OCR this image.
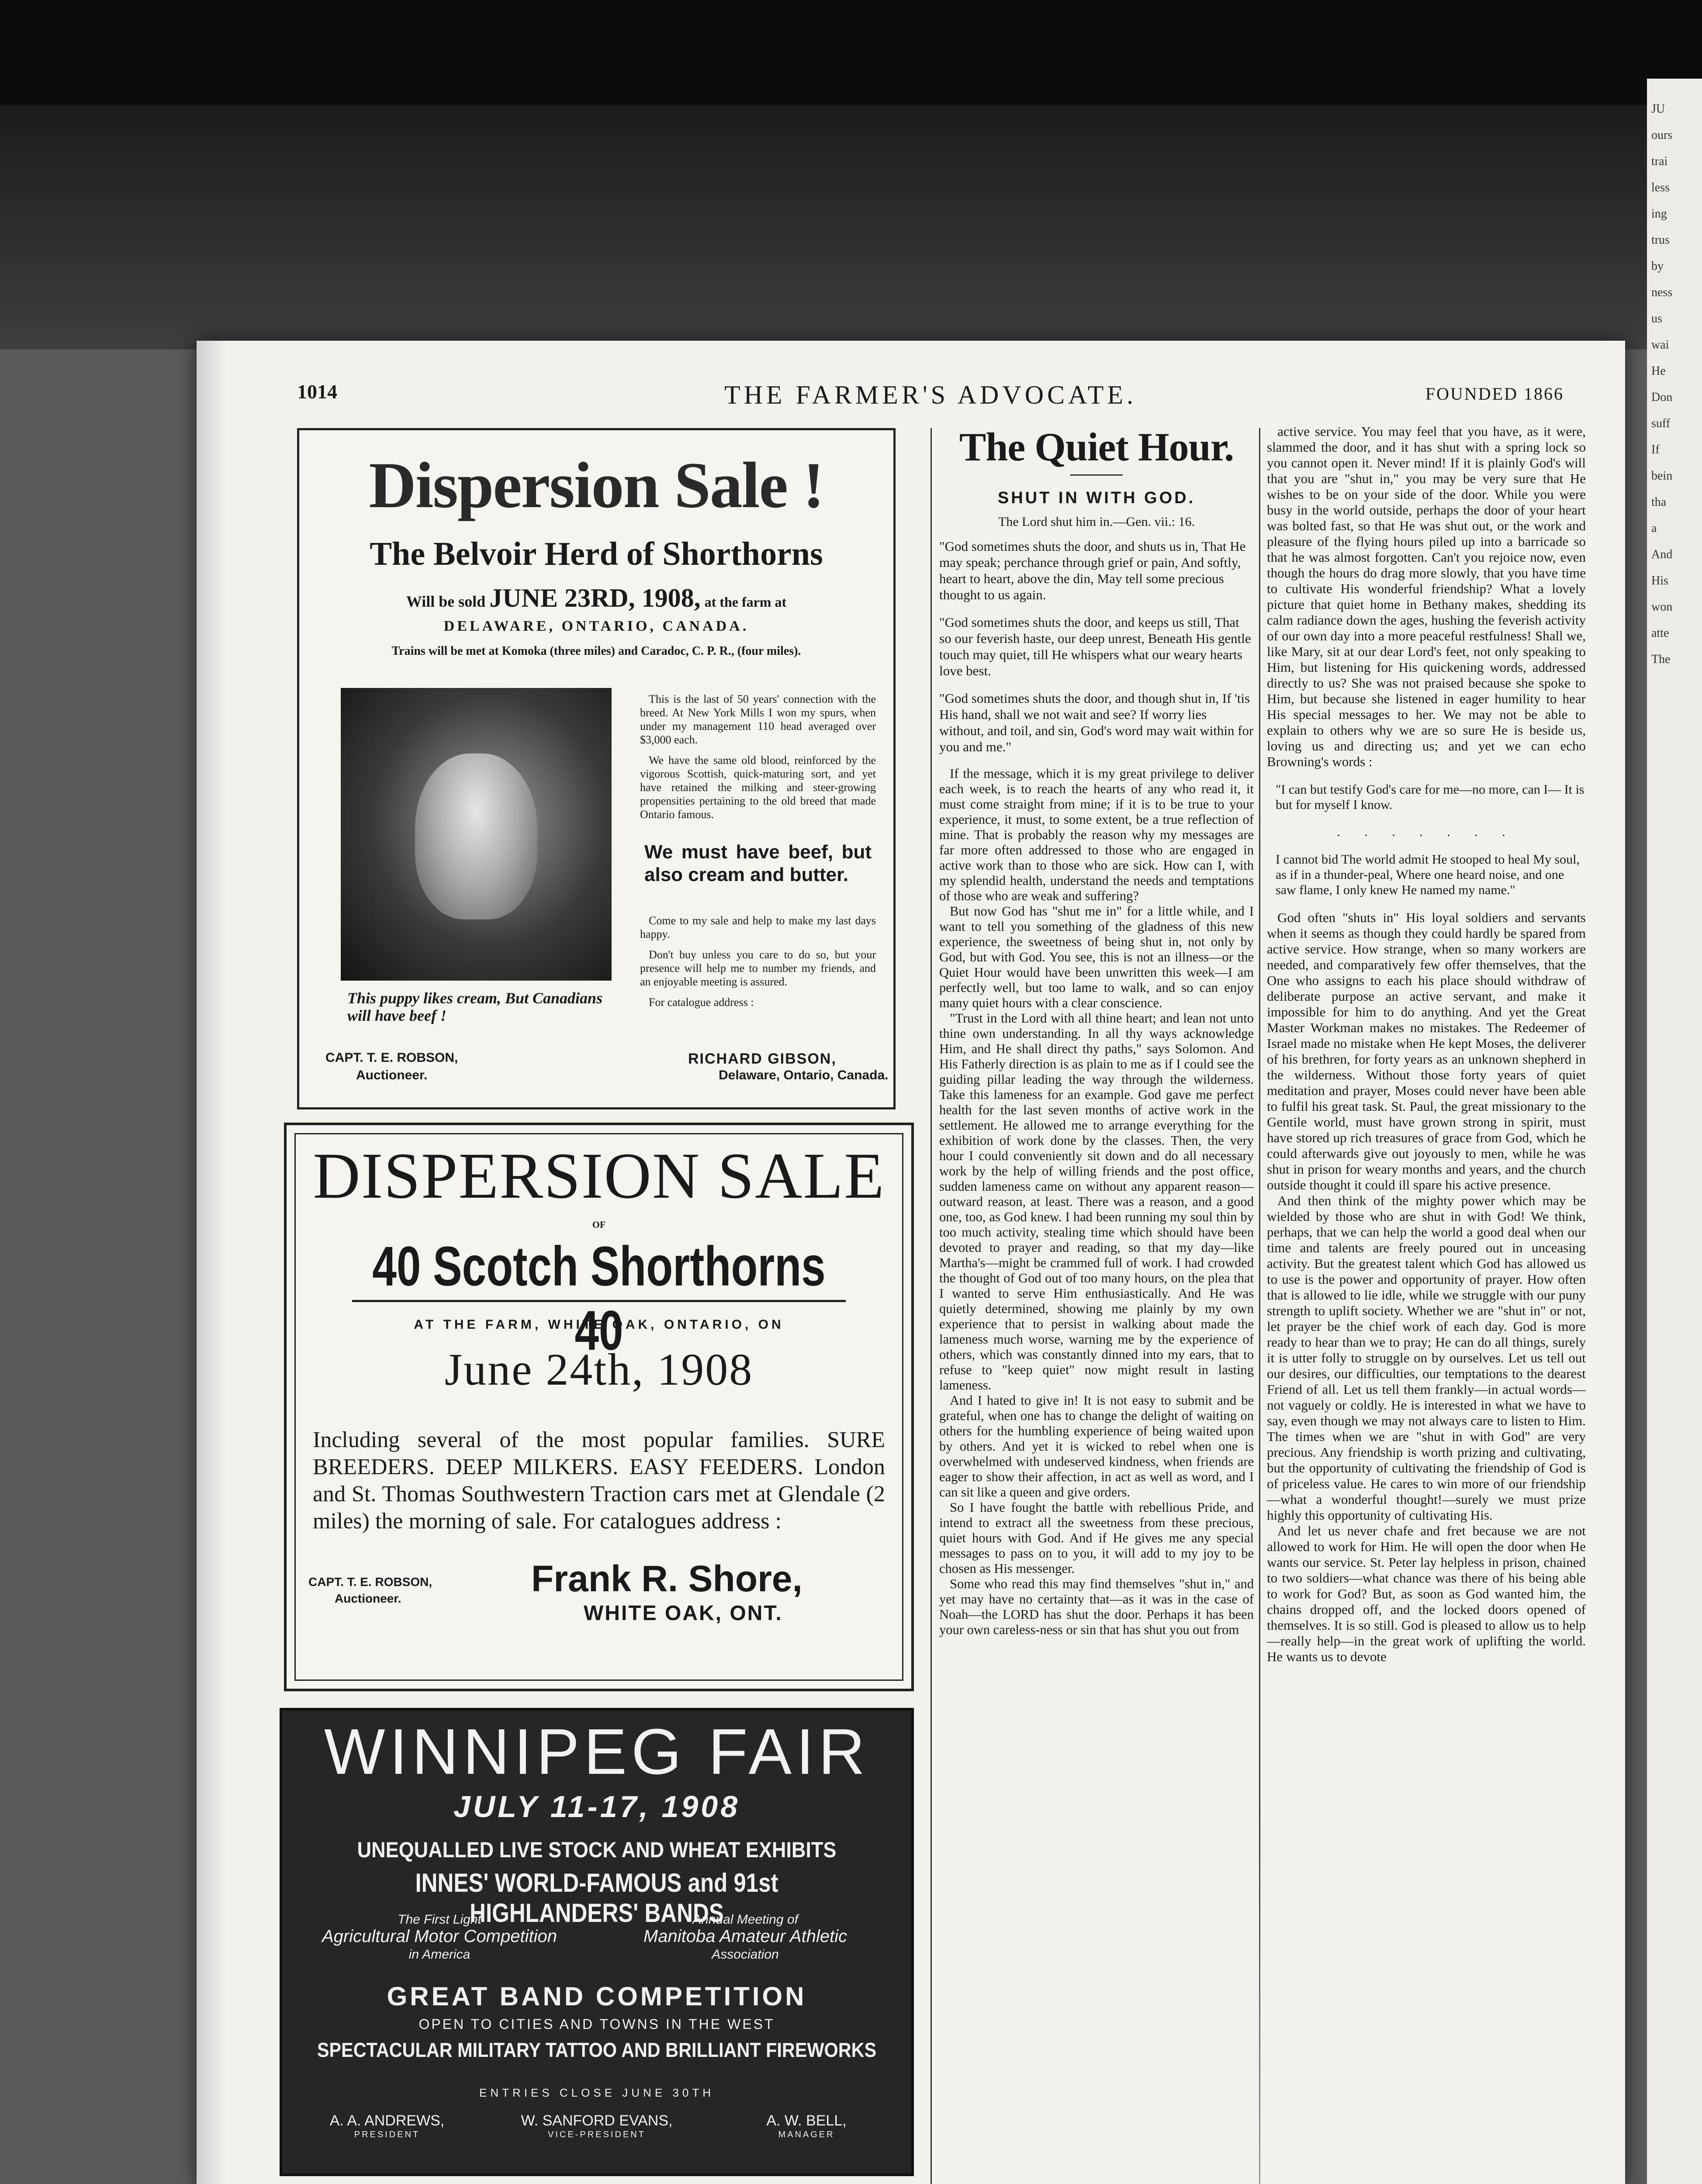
JU
ours
trai
less
ing
trus
by
ness
us
wai
He
Don
suff
If
bein
tha
a
And
His
won
atte
The
1014	THE FARMER'S ADVOCATE.	FOUNDED 1866
Dispersion Sale !
The Belvoir Herd of Shorthorns
Will be sold JUNE 23RD, 1908, at the farm at
DELAWARE, ONTARIO, CANADA.
Trains will be met at Komoka (three miles) and Caradoc, C. P. R., (four miles).
This puppy likes cream, But Canadians will have beef !

This is the last of 50 years' connection with the breed. At New York Mills I won my spurs, when under my management 110 head averaged over $3,000 each.

We have the same old blood, reinforced by the vigorous Scottish, quick-maturing sort, and yet have retained the milking and steer-growing propensities pertaining to the old breed that made Ontario famous.

Come to my sale and help to make my last days happy.

Don't buy unless you care to do so, but your presence will help me to number my friends, and an enjoyable meeting is assured.

For catalogue address :

We must have beef, but also cream and butter.
CAPT. T. E. ROBSON,
Auctioneer.
RICHARD GIBSON,
Delaware, Ontario, Canada.
DISPERSION SALE
OF
40 Scotch Shorthorns 40
AT THE FARM, WHITE OAK, ONTARIO, ON
June 24th, 1908
Including several of the most popular families. SURE BREEDERS. DEEP MILKERS. EASY FEEDERS. London and St. Thomas Southwestern Traction cars met at Glendale (2 miles) the morning of sale. For catalogues address :
CAPT. T. E. ROBSON,
Auctioneer.	Frank R. Shore,
WHITE OAK, ONT.
WINNIPEG FAIR
JULY 11-17, 1908
UNEQUALLED LIVE STOCK AND WHEAT EXHIBITS
INNES' WORLD-FAMOUS and 91st HIGHLANDERS' BANDS
The First Light
Agricultural Motor Competition
in America
Annual Meeting of
Manitoba Amateur Athletic
Association
GREAT BAND COMPETITION
OPEN TO CITIES AND TOWNS IN THE WEST
SPECTACULAR MILITARY TATTOO AND BRILLIANT FIREWORKS
ENTRIES CLOSE JUNE 30TH
A. A. ANDREWS,	W. SANFORD EVANS,	A. W. BELL,
PRESIDENT	VICE-PRESIDENT	MANAGER
The Quiet Hour.
SHUT IN WITH GOD.
The Lord shut him in.—Gen. vii.: 16.

"God sometimes shuts the door, and shuts us in, That He may speak; perchance through grief or pain, And softly, heart to heart, above the din, May tell some precious thought to us again.

"God sometimes shuts the door, and keeps us still, That so our feverish haste, our deep unrest, Beneath His gentle touch may quiet, till He whispers what our weary hearts love best.

"God sometimes shuts the door, and though shut in, If 'tis His hand, shall we not wait and see? If worry lies without, and toil, and sin, God's word may wait within for you and me."

If the message, which it is my great privilege to deliver each week, is to reach the hearts of any who read it, it must come straight from mine; if it is to be true to your experience, it must, to some extent, be a true reflection of mine. That is probably the reason why my messages are far more often addressed to those who are engaged in active work than to those who are sick. How can I, with my splendid health, understand the needs and temptations of those who are weak and suffering?

But now God has "shut me in" for a little while, and I want to tell you something of the gladness of this new experience, the sweetness of being shut in, not only by God, but with God. You see, this is not an illness—or the Quiet Hour would have been unwritten this week—I am perfectly well, but too lame to walk, and so can enjoy many quiet hours with a clear conscience.

"Trust in the Lord with all thine heart; and lean not unto thine own understanding. In all thy ways acknowledge Him, and He shall direct thy paths," says Solomon. And His Fatherly direction is as plain to me as if I could see the guiding pillar leading the way through the wilderness. Take this lameness for an example. God gave me perfect health for the last seven months of active work in the settlement. He allowed me to arrange everything for the exhibition of work done by the classes. Then, the very hour I could conveniently sit down and do all necessary work by the help of willing friends and the post office, sudden lameness came on without any apparent reason—outward reason, at least. There was a reason, and a good one, too, as God knew. I had been running my soul thin by too much activity, stealing time which should have been devoted to prayer and reading, so that my day—like Martha's—might be crammed full of work. I had crowded the thought of God out of too many hours, on the plea that I wanted to serve Him enthusiastically. And He was quietly determined, showing me plainly by my own experience that to persist in walking about made the lameness much worse, warning me by the experience of others, which was constantly dinned into my ears, that to refuse to "keep quiet" now might result in lasting lameness.

And I hated to give in! It is not easy to submit and be grateful, when one has to change the delight of waiting on others for the humbling experience of being waited upon by others. And yet it is wicked to rebel when one is overwhelmed with undeserved kindness, when friends are eager to show their affection, in act as well as word, and I can sit like a queen and give orders.

So I have fought the battle with rebellious Pride, and intend to extract all the sweetness from these precious, quiet hours with God. And if He gives me any special messages to pass on to you, it will add to my joy to be chosen as His messenger.

Some who read this may find themselves "shut in," and yet may have no certainty that—as it was in the case of Noah—the LORD has shut the door. Perhaps it has been your own careless-ness or sin that has shut you out from

active service. You may feel that you have, as it were, slammed the door, and it has shut with a spring lock so you cannot open it. Never mind! If it is plainly God's will that you are "shut in," you may be very sure that He wishes to be on your side of the door. While you were busy in the world outside, perhaps the door of your heart was bolted fast, so that He was shut out, or the work and pleasure of the flying hours piled up into a barricade so that he was almost forgotten. Can't you rejoice now, even though the hours do drag more slowly, that you have time to cultivate His wonderful friendship? What a lovely picture that quiet home in Bethany makes, shedding its calm radiance down the ages, hushing the feverish activity of our own day into a more peaceful restfulness! Shall we, like Mary, sit at our dear Lord's feet, not only speaking to Him, but listening for His quickening words, addressed directly to us? She was not praised because she spoke to Him, but because she listened in eager humility to hear His special messages to her. We may not be able to explain to others why we are so sure He is beside us, loving us and directing us; and yet we can echo Browning's words :

"I can but testify God's care for me—no more, can I— It is but for myself I know.
. . . . . . .
I cannot bid The world admit He stooped to heal My soul, as if in a thunder-peal, Where one heard noise, and one saw flame, I only knew He named my name."

God often "shuts in" His loyal soldiers and servants when it seems as though they could hardly be spared from active service. How strange, when so many workers are needed, and comparatively few offer themselves, that the One who assigns to each his place should withdraw of deliberate purpose an active servant, and make it impossible for him to do anything. And yet the Great Master Workman makes no mistakes. The Redeemer of Israel made no mistake when He kept Moses, the deliverer of his brethren, for forty years as an unknown shepherd in the wilderness. Without those forty years of quiet meditation and prayer, Moses could never have been able to fulfil his great task. St. Paul, the great missionary to the Gentile world, must have grown strong in spirit, must have stored up rich treasures of grace from God, which he could afterwards give out joyously to men, while he was shut in prison for weary months and years, and the church outside thought it could ill spare his active presence.

And then think of the mighty power which may be wielded by those who are shut in with God! We think, perhaps, that we can help the world a good deal when our time and talents are freely poured out in unceasing activity. But the greatest talent which God has allowed us to use is the power and opportunity of prayer. How often that is allowed to lie idle, while we struggle with our puny strength to uplift society. Whether we are "shut in" or not, let prayer be the chief work of each day. God is more ready to hear than we to pray; He can do all things, surely it is utter folly to struggle on by ourselves. Let us tell out our desires, our difficulties, our temptations to the dearest Friend of all. Let us tell them frankly—in actual words—not vaguely or coldly. He is interested in what we have to say, even though we may not always care to listen to Him. The times when we are "shut in with God" are very precious. Any friendship is worth prizing and cultivating, but the opportunity of cultivating the friendship of God is of priceless value. He cares to win more of our friendship—what a wonderful thought!—surely we must prize highly this opportunity of cultivating His.

And let us never chafe and fret because we are not allowed to work for Him. He will open the door when He wants our service. St. Peter lay helpless in prison, chained to two soldiers—what chance was there of his being able to work for God? But, as soon as God wanted him, the chains dropped off, and the locked doors opened of themselves. It is so still. God is pleased to allow us to help—really help—in the great work of uplifting the world. He wants us to devote
